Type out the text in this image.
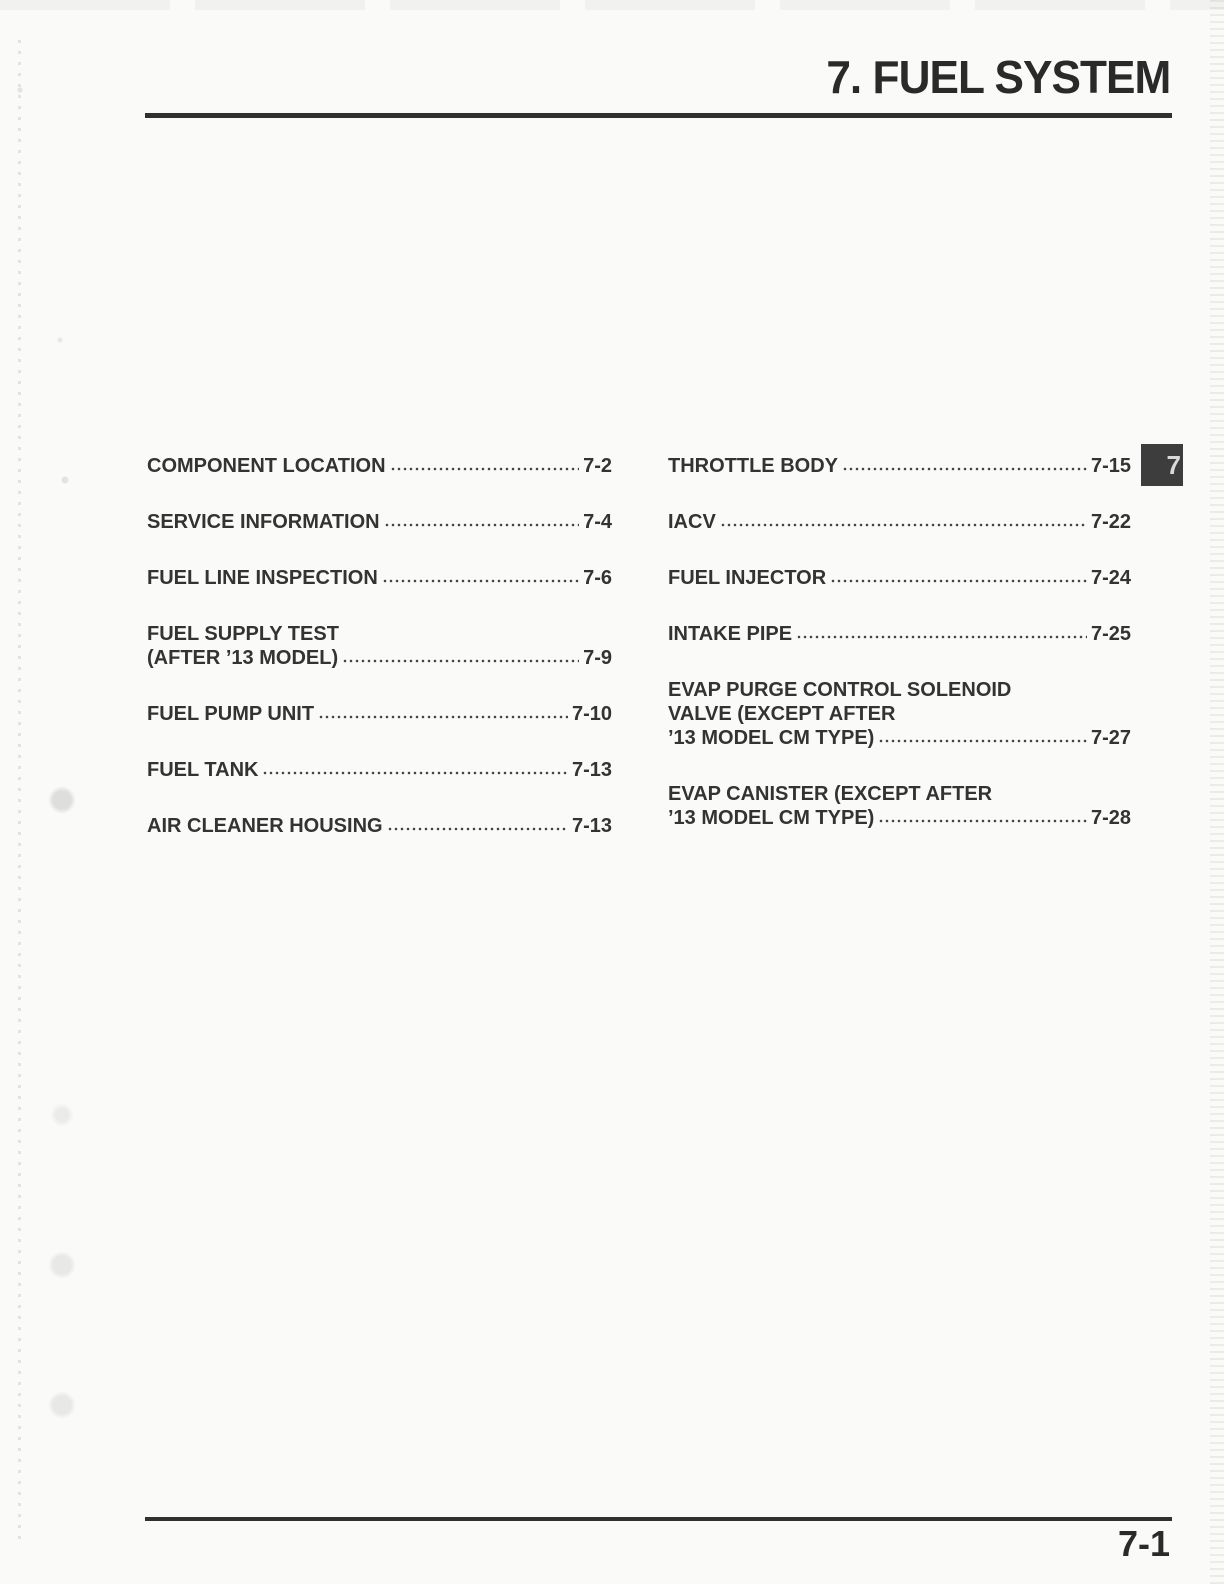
7. FUEL SYSTEM
COMPONENT LOCATION	7-2
SERVICE INFORMATION	7-4
FUEL LINE INSPECTION	7-6
FUEL SUPPLY TEST
(AFTER ’13 MODEL)	7-9
FUEL PUMP UNIT	7-10
FUEL TANK	7-13
AIR CLEANER HOUSING	7-13
THROTTLE BODY	7-15
IACV	7-22
FUEL INJECTOR	7-24
INTAKE PIPE	7-25
EVAP PURGE CONTROL SOLENOID
VALVE (EXCEPT AFTER
’13 MODEL CM TYPE)	7-27
EVAP CANISTER (EXCEPT AFTER
’13 MODEL CM TYPE)	7-28
7
7-1
